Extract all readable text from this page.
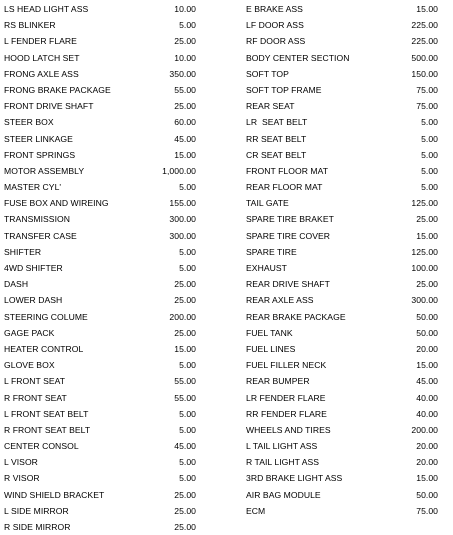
LS HEAD LIGHT ASS	10.00
RS BLINKER	5.00
L FENDER FLARE	25.00
HOOD LATCH SET	10.00
FRONG AXLE ASS	350.00
FRONG BRAKE PACKAGE	55.00
FRONT DRIVE SHAFT	25.00
STEER BOX	60.00
STEER LINKAGE	45.00
FRONT SPRINGS	15.00
MOTOR ASSEMBLY	1,000.00
MASTER CYL'	5.00
FUSE BOX AND WIREING	155.00
TRANSMISSION	300.00
TRANSFER CASE	300.00
SHIFTER	5.00
4WD SHIFTER	5.00
DASH	25.00
LOWER DASH	25.00
STEERING COLUME	200.00
GAGE PACK	25.00
HEATER CONTROL	15.00
GLOVE BOX	5.00
L FRONT SEAT	55.00
R FRONT SEAT	55.00
L FRONT SEAT BELT	5.00
R FRONT SEAT BELT	5.00
CENTER CONSOL	45.00
L VISOR	5.00
R VISOR	5.00
WIND SHIELD BRACKET	25.00
L SIDE MIRROR	25.00
R SIDE MIRROR	25.00
E BRAKE ASS	15.00
LF DOOR ASS	225.00
RF DOOR ASS	225.00
BODY CENTER SECTION	500.00
SOFT TOP	150.00
SOFT TOP FRAME	75.00
REAR SEAT	75.00
LR  SEAT BELT	5.00
RR SEAT BELT	5.00
CR SEAT BELT	5.00
FRONT FLOOR MAT	5.00
REAR FLOOR MAT	5.00
TAIL GATE	125.00
SPARE TIRE BRAKET	25.00
SPARE TIRE COVER	15.00
SPARE TIRE	125.00
EXHAUST	100.00
REAR DRIVE SHAFT	25.00
REAR AXLE ASS	300.00
REAR BRAKE PACKAGE	50.00
FUEL TANK	50.00
FUEL LINES	20.00
FUEL FILLER NECK	15.00
REAR BUMPER	45.00
LR FENDER FLARE	40.00
RR FENDER FLARE	40.00
WHEELS AND TIRES	200.00
L TAIL LIGHT ASS	20.00
R TAIL LIGHT ASS	20.00
3RD BRAKE LIGHT ASS	15.00
AIR BAG MODULE	50.00
ECM	75.00
